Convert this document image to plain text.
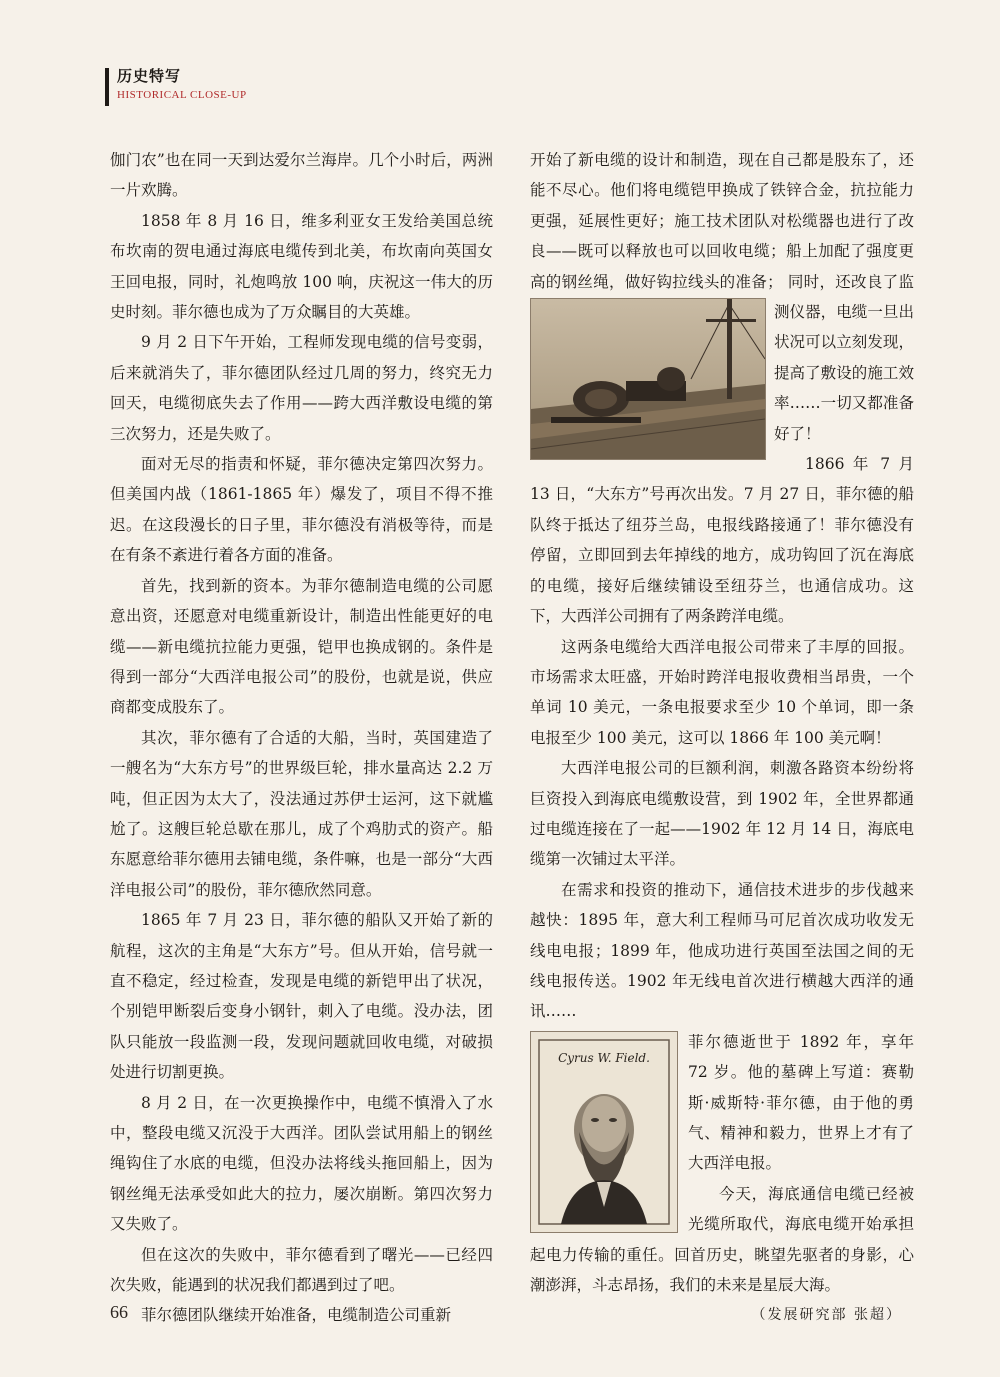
历史特写
HISTORICAL CLOSE-UP

伽门农”也在同一天到达爱尔兰海岸。几个小时后，两洲一片欢腾。

1858 年 8 月 16 日，维多利亚女王发给美国总统布坎南的贺电通过海底电缆传到北美，布坎南向英国女王回电报，同时，礼炮鸣放 100 响，庆祝这一伟大的历史时刻。菲尔德也成为了万众瞩目的大英雄。

9 月 2 日下午开始，工程师发现电缆的信号变弱，后来就消失了，菲尔德团队经过几周的努力，终究无力回天，电缆彻底失去了作用——跨大西洋敷设电缆的第三次努力，还是失败了。

面对无尽的指责和怀疑，菲尔德决定第四次努力。但美国内战（1861-1865 年）爆发了，项目不得不推迟。在这段漫长的日子里，菲尔德没有消极等待，而是在有条不紊进行着各方面的准备。

首先，找到新的资本。为菲尔德制造电缆的公司愿意出资，还愿意对电缆重新设计，制造出性能更好的电缆——新电缆抗拉能力更强，铠甲也换成钢的。条件是得到一部分“大西洋电报公司”的股份，也就是说，供应商都变成股东了。

其次，菲尔德有了合适的大船，当时，英国建造了一艘名为“大东方号”的世界级巨轮，排水量高达 2.2 万吨，但正因为太大了，没法通过苏伊士运河，这下就尴尬了。这艘巨轮总歇在那儿，成了个鸡肋式的资产。船东愿意给菲尔德用去铺电缆，条件嘛，也是一部分“大西洋电报公司”的股份，菲尔德欣然同意。

1865 年 7 月 23 日，菲尔德的船队又开始了新的航程，这次的主角是“大东方”号。但从开始，信号就一直不稳定，经过检查，发现是电缆的新铠甲出了状况，个别铠甲断裂后变身小钢针，刺入了电缆。没办法，团队只能放一段监测一段，发现问题就回收电缆，对破损处进行切割更换。

8 月 2 日，在一次更换操作中，电缆不慎滑入了水中，整段电缆又沉没于大西洋。团队尝试用船上的钢丝绳钩住了水底的电缆，但没办法将线头拖回船上，因为钢丝绳无法承受如此大的拉力，屡次崩断。第四次努力又失败了。

但在这次的失败中，菲尔德看到了曙光——已经四次失败，能遇到的状况我们都遇到过了吧。

菲尔德团队继续开始准备，电缆制造公司重新

开始了新电缆的设计和制造，现在自己都是股东了，还能不尽心。他们将电缆铠甲换成了铁锌合金，抗拉能力更强，延展性更好；施工技术团队对松缆器也进行了改良——既可以释放也可以回收电缆；船上加配了强度更高的钢丝绳，做好钩拉线头的准备； 同时，还改良了监测仪器，电缆一旦出状况可以立刻发现，提高了敷设的施工效率……一切又都准备好了！

1866 年 7 月 13 日，“大东方”号再次出发。7 月 27 日，菲尔德的船队终于抵达了纽芬兰岛，电报线路接通了！菲尔德没有停留，立即回到去年掉线的地方，成功钩回了沉在海底的电缆，接好后继续铺设至纽芬兰，也通信成功。这下，大西洋公司拥有了两条跨洋电缆。

这两条电缆给大西洋电报公司带来了丰厚的回报。市场需求太旺盛，开始时跨洋电报收费相当昂贵，一个单词 10 美元，一条电报要求至少 10 个单词，即一条电报至少 100 美元，这可以 1866 年 100 美元啊！

大西洋电报公司的巨额利润，刺激各路资本纷纷将巨资投入到海底电缆敷设营，到 1902 年，全世界都通过电缆连接在了一起——1902 年 12 月 14 日，海底电缆第一次铺过太平洋。

在需求和投资的推动下，通信技术进步的步伐越来越快：1895 年，意大利工程师马可尼首次成功收发无线电电报；1899 年，他成功进行英国至法国之间的无线电报传送。1902 年无线电首次进行横越大西洋的通讯……

Cyrus W. Field.
菲尔德逝世于 1892 年，享年 72 岁。他的墓碑上写道：赛勒斯·威斯特·菲尔德，由于他的勇气、精神和毅力，世界上才有了大西洋电报。

今天，海底通信电缆已经被光缆所取代，海底电缆开始承担起电力传输的重任。回首历史，眺望先驱者的身影，心潮澎湃，斗志昂扬，我们的未来是星辰大海。

（发展研究部 张超）

66
